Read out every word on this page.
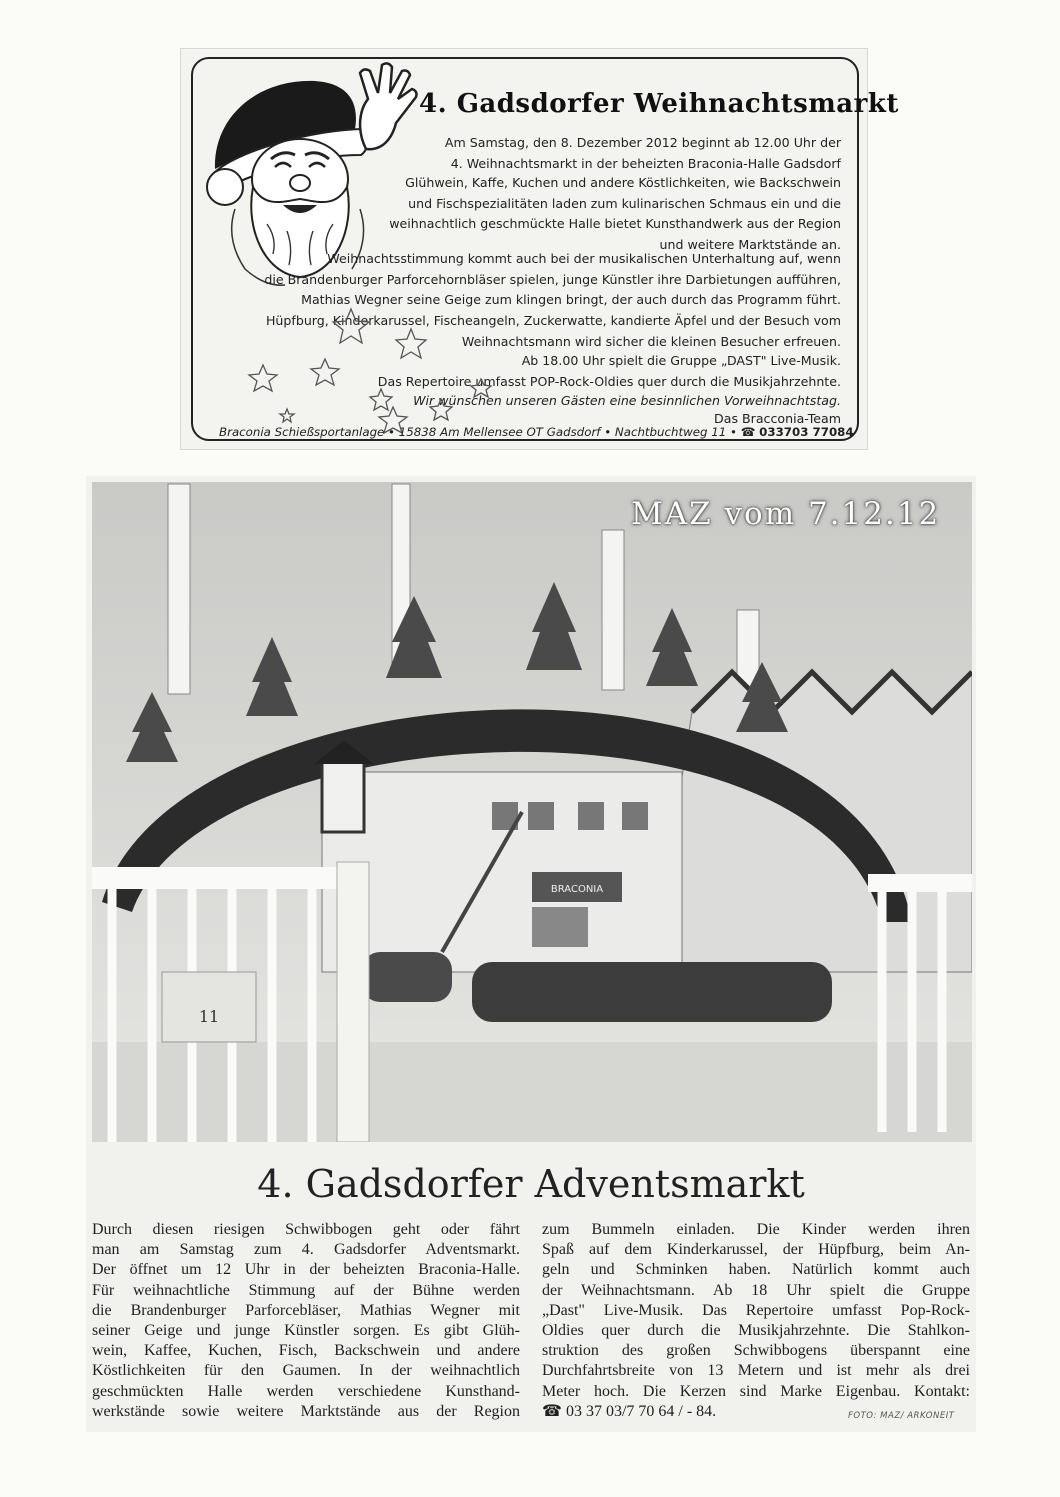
4. Gadsdorfer Weihnachtsmarkt
Am Samstag, den 8. Dezember 2012 beginnt ab 12.00 Uhr der
4. Weihnachtsmarkt in der beheizten Braconia-Halle Gadsdorf
Glühwein, Kaffe, Kuchen und andere Köstlichkeiten, wie Backschwein
und Fischspezialitäten laden zum kulinarischen Schmaus ein und die
weihnachtlich geschmückte Halle bietet Kunsthandwerk aus der Region
und weitere Marktstände an.
Weihnachtsstimmung kommt auch bei der musikalischen Unterhaltung auf, wenn
die Brandenburger Parforcehornbläser spielen, junge Künstler ihre Darbietungen aufführen,
Mathias Wegner seine Geige zum klingen bringt, der auch durch das Programm führt.
Hüpfburg, Kinderkarussel, Fischeangeln, Zuckerwatte, kandierte Äpfel und der Besuch vom
Weihnachtsmann wird sicher die kleinen Besucher erfreuen.
Ab 18.00 Uhr spielt die Gruppe „DAST" Live-Musik.
Das Repertoire umfasst POP-Rock-Oldies quer durch die Musikjahrzehnte.
Wir wünschen unseren Gästen eine besinnlichen Vorweihnachtstag.
Das Bracconia-Team
Braconia Schießsportanlage • 15838 Am Mellensee OT Gadsdorf • Nachtbuchtweg 11 • ☎ 033703 77084
BRACONIA
11
MAZ vom 7.12.12
4. Gadsdorfer Adventsmarkt
Durch diesen riesigen Schwibbogen geht oder fährt
man am Samstag zum 4. Gadsdorfer Adventsmarkt.
Der öffnet um 12 Uhr in der beheizten Braconia-Halle.
Für weihnachtliche Stimmung auf der Bühne werden
die Brandenburger Parforcebläser, Mathias Wegner mit
seiner Geige und junge Künstler sorgen. Es gibt Glüh-
wein, Kaffee, Kuchen, Fisch, Backschwein und andere
Köstlichkeiten für den Gaumen. In der weihnachtlich
geschmückten Halle werden verschiedene Kunsthand-
werkstände sowie weitere Marktstände aus der Region
zum Bummeln einladen. Die Kinder werden ihren
Spaß auf dem Kinderkarussel, der Hüpfburg, beim An-
geln und Schminken haben. Natürlich kommt auch
der Weihnachtsmann. Ab 18 Uhr spielt die Gruppe
„Dast" Live-Musik. Das Repertoire umfasst Pop-Rock-
Oldies quer durch die Musikjahrzehnte. Die Stahlkon-
struktion des großen Schwibbogens überspannt eine
Durchfahrtsbreite von 13 Metern und ist mehr als drei
Meter hoch. Die Kerzen sind Marke Eigenbau. Kontakt:
☎ 03 37 03/7 70 64 / - 84.	FOTO: MAZ/ ARKONEIT
